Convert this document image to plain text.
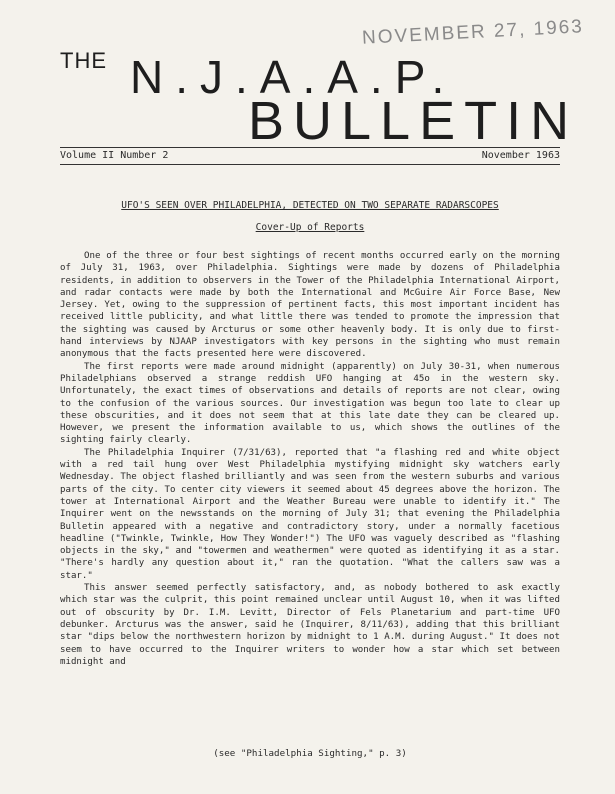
NOVEMBER 27, 1963
THE N.J.A.A.P.
BULLETIN
Volume II Number 2	November 1963
UFO'S SEEN OVER PHILADELPHIA, DETECTED ON TWO SEPARATE RADARSCOPES
Cover-Up of Reports

One of the three or four best sightings of recent months occurred early on the morning of July 31, 1963, over Philadelphia. Sightings were made by dozens of Philadelphia residents, in addition to observers in the Tower of the Philadelphia International Airport, and radar contacts were made by both the International and McGuire Air Force Base, New Jersey. Yet, owing to the suppression of pertinent facts, this most important incident has received little publicity, and what little there was tended to promote the impression that the sighting was caused by Arcturus or some other heavenly body. It is only due to first-hand interviews by NJAAP investigators with key persons in the sighting who must remain anonymous that the facts presented here were discovered.

The first reports were made around midnight (apparently) on July 30-31, when numerous Philadelphians observed a strange reddish UFO hanging at 45o in the western sky. Unfortunately, the exact times of observations and details of reports are not clear, owing to the confusion of the various sources. Our investigation was begun too late to clear up these obscurities, and it does not seem that at this late date they can be cleared up. However, we present the information available to us, which shows the outlines of the sighting fairly clearly.

The Philadelphia Inquirer (7/31/63), reported that "a flashing red and white object with a red tail hung over West Philadelphia mystifying midnight sky watchers early Wednesday. The object flashed brilliantly and was seen from the western suburbs and various parts of the city. To center city viewers it seemed about 45 degrees above the horizon. The tower at International Airport and the Weather Bureau were unable to identify it." The Inquirer went on the newsstands on the morning of July 31; that evening the Philadelphia Bulletin appeared with a negative and contradictory story, under a normally facetious headline ("Twinkle, Twinkle, How They Wonder!") The UFO was vaguely described as "flashing objects in the sky," and "towermen and weathermen" were quoted as identifying it as a star. "There's hardly any question about it," ran the quotation. "What the callers saw was a star."

This answer seemed perfectly satisfactory, and, as nobody bothered to ask exactly which star was the culprit, this point remained unclear until August 10, when it was lifted out of obscurity by Dr. I.M. Levitt, Director of Fels Planetarium and part-time UFO debunker. Arcturus was the answer, said he (Inquirer, 8/11/63), adding that this brilliant star "dips below the northwestern horizon by midnight to 1 A.M. during August." It does not seem to have occurred to the Inquirer writers to wonder how a star which set between midnight and

(see "Philadelphia Sighting," p. 3)
